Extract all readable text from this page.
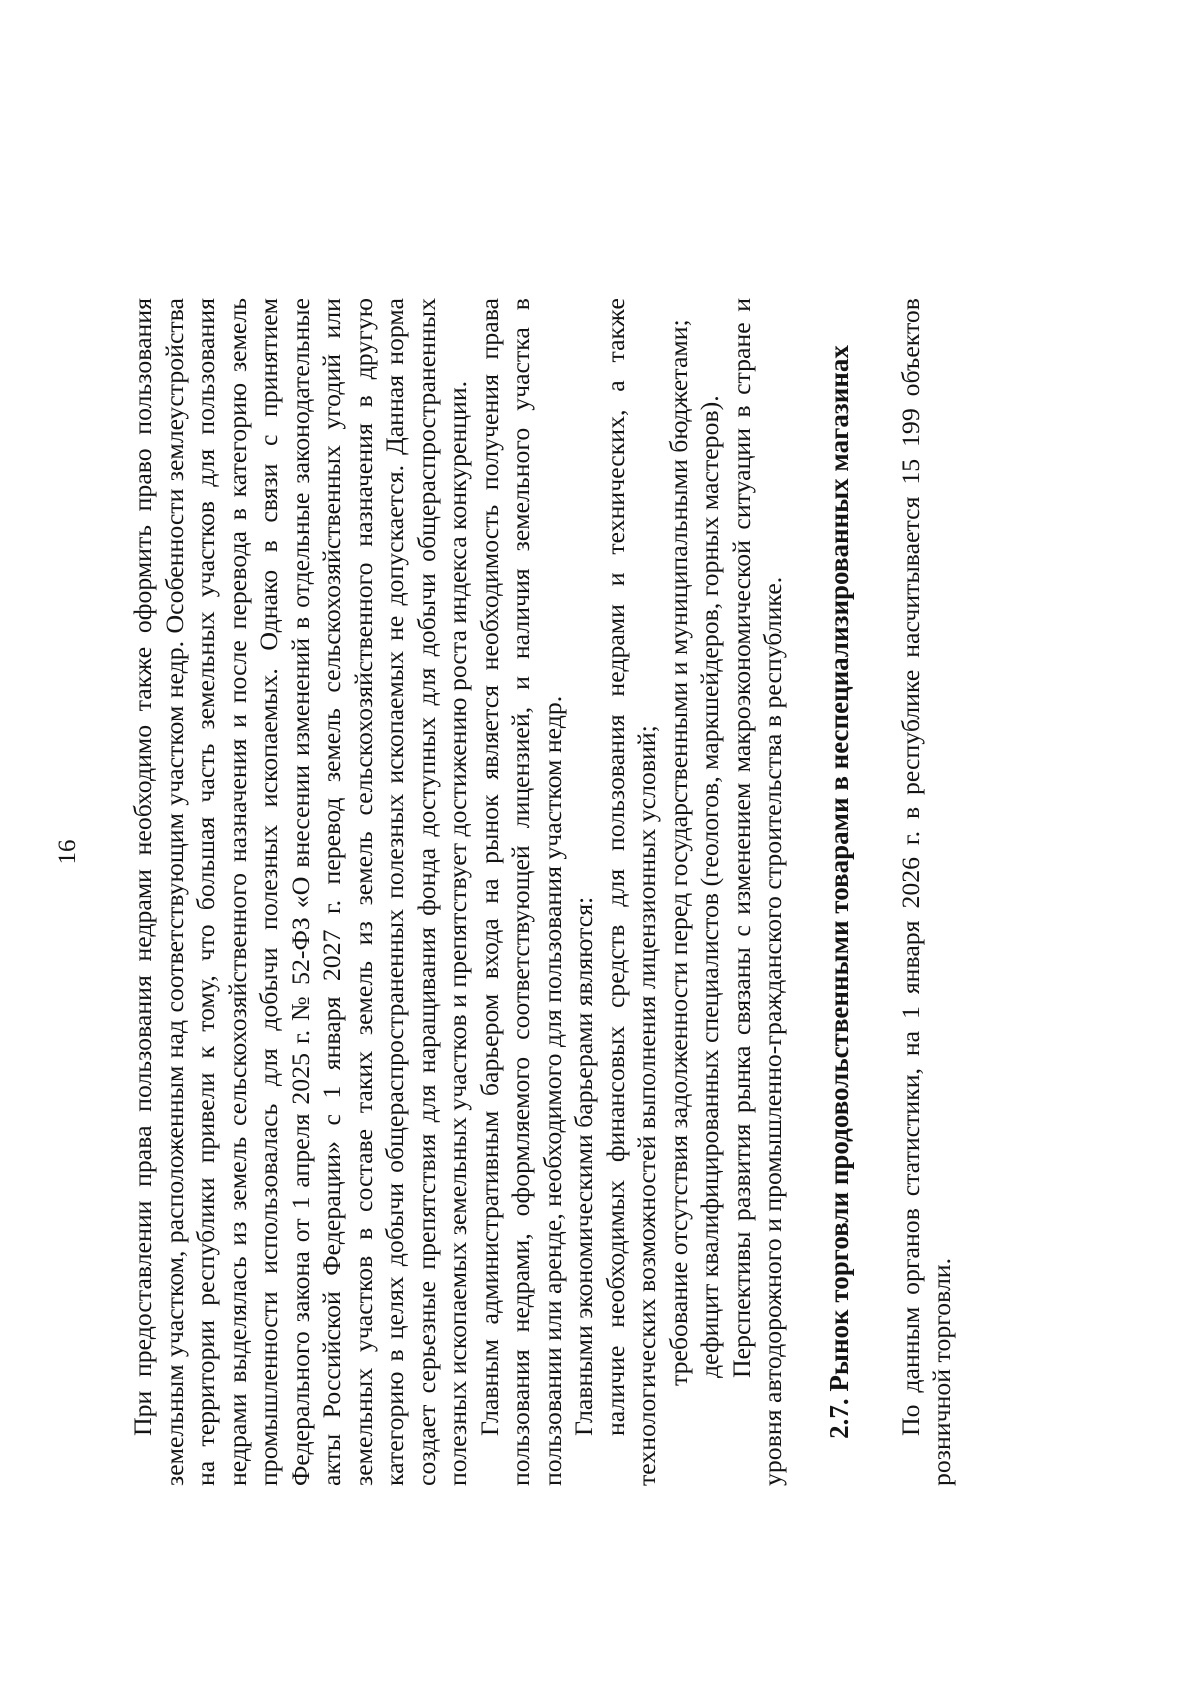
16 При предоставлении права пользования недрами необходимо также оформить право пользования земельным участком, расположенным над соответствующим участком недр. Особенности землеустройства на территории республики привели к тому, что большая часть земельных участков для пользования недрами выделялась из земель сельскохозяйственного назначения и после перевода в категорию земель промышленности использовалась для добычи полезных ископаемых. Однако в связи с принятием Федерального закона от 1 апреля 2025 г. № 52-ФЗ «О внесении изменений в отдельные законодательные акты Российской Федерации» с 1 января 2027 г. перевод земель сельскохозяйственных угодий или земельных участков в составе таких земель из земель сельскохозяйственного назначения в другую категорию в целях добычи общераспространенных полезных ископаемых не допускается. Данная норма создает серьезные препятствия для наращивания фонда доступных для добычи общераспространенных полезных ископаемых земельных участков и препятствует достижению роста индекса конкуренции. Главным административным барьером входа на рынок является необходимость получения права пользования недрами, оформляемого соответствующей лицензией, и наличия земельного участка в пользовании или аренде, необходимого для пользования участком недр. Главными экономическими барьерами являются: наличие необходимых финансовых средств для пользования недрами и технических, а также технологических возможностей выполнения лицензионных условий; требование отсутствия задолженности перед государственными и муниципальными бюджетами; дефицит квалифицированных специалистов (геологов, маркшейдеров, горных мастеров). Перспективы развития рынка связаны с изменением макроэкономической ситуации в стране и уровня автодорожного и промышленно-гражданского строительства в республике. 2.7. Рынок торговли продовольственными товарами в неспециализированных магазинах По данным органов статистики, на 1 января 2026 г. в республике насчитывается 15 199 объектов розничной торговли.
